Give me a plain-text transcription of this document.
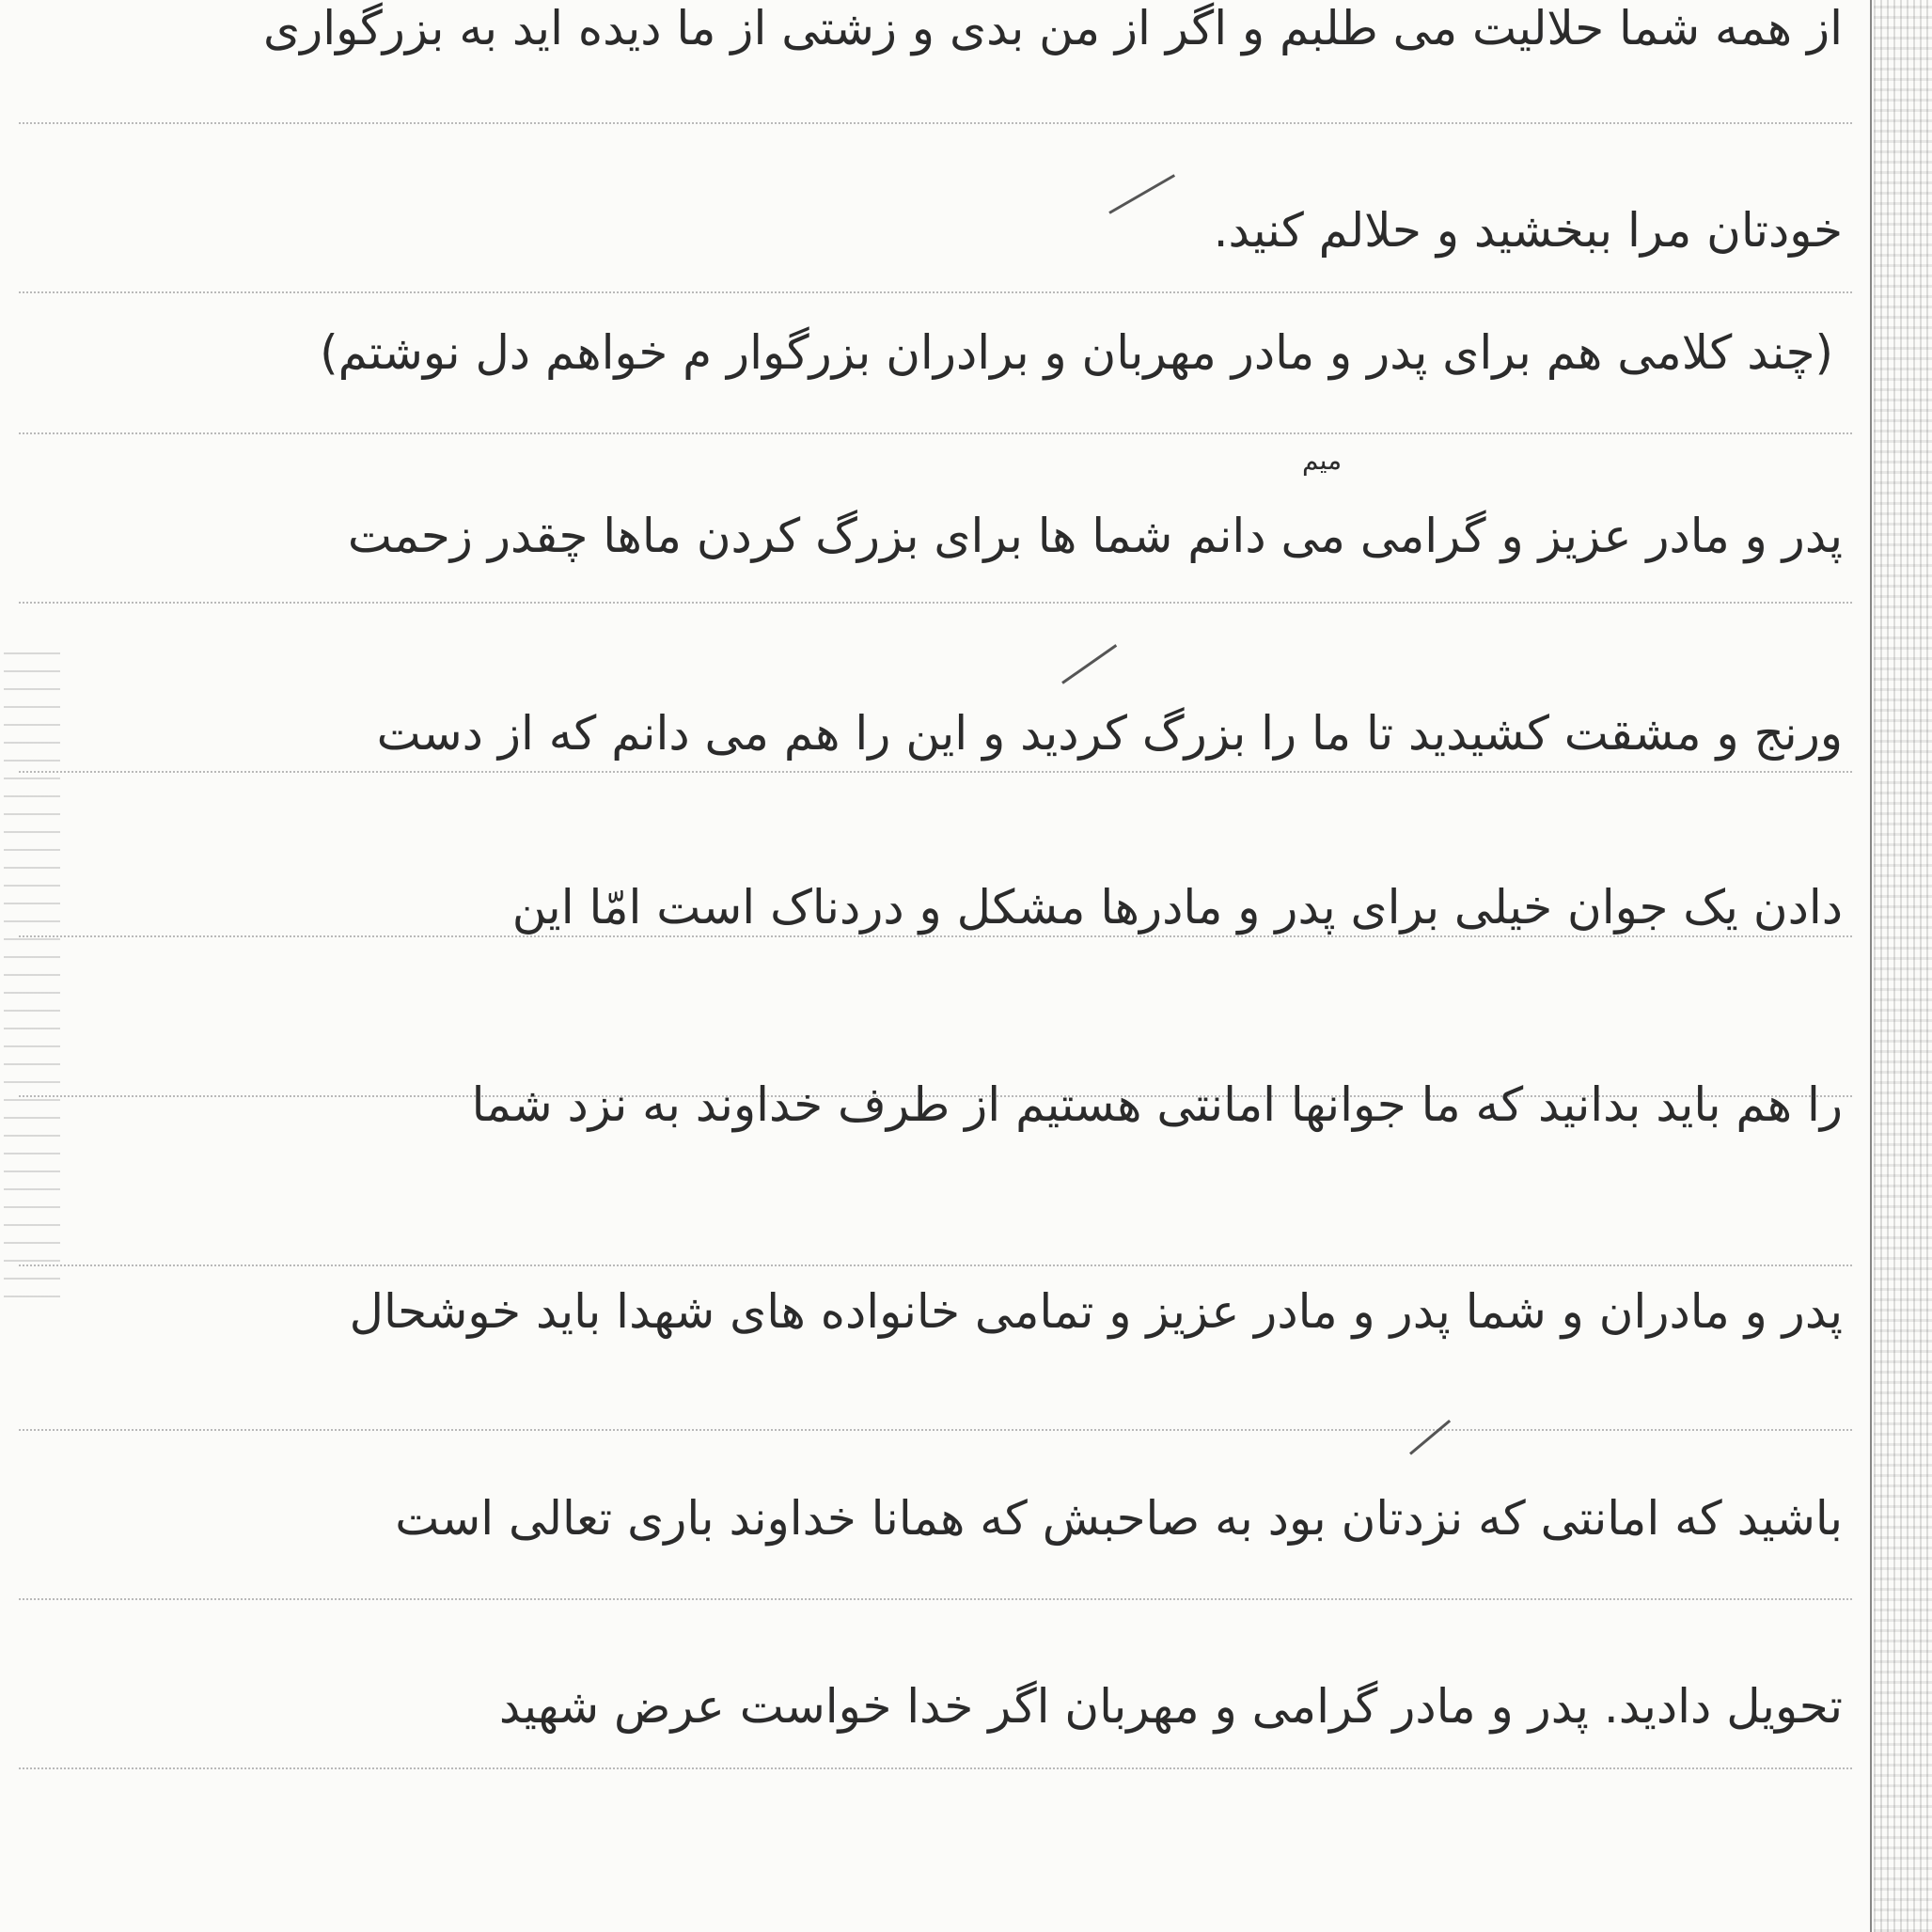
از همه شما حلالیت می طلبم و اگر از من بدی و زشتی از ما دیده اید به بزرگواری
خودتان مرا ببخشید و حلالم کنید.
(چند کلامی هم برای پدر و مادر مهربان و برادران بزرگوار م خواهم دل نوشتم)
میم
پدر و مادر عزیز و گرامی می دانم شما ها برای بزرگ کردن ماها چقدر زحمت
ورنج و مشقت کشیدید تا ما را بزرگ کردید و این را هم می دانم که از دست
دادن یک جوان خیلی برای پدر و مادرها مشکل و دردناک است امّا این
را هم باید بدانید که ما جوانها امانتی هستیم از طرف خداوند به نزد شما
پدر و مادران و شما پدر و مادر عزیز و تمامی خانواده های شهدا باید خوشحال
باشید که امانتی که نزدتان بود به صاحبش که همانا خداوند باری تعالی است
تحویل دادید. پدر و مادر گرامی و مهربان اگر خدا خواست عرض شهید
